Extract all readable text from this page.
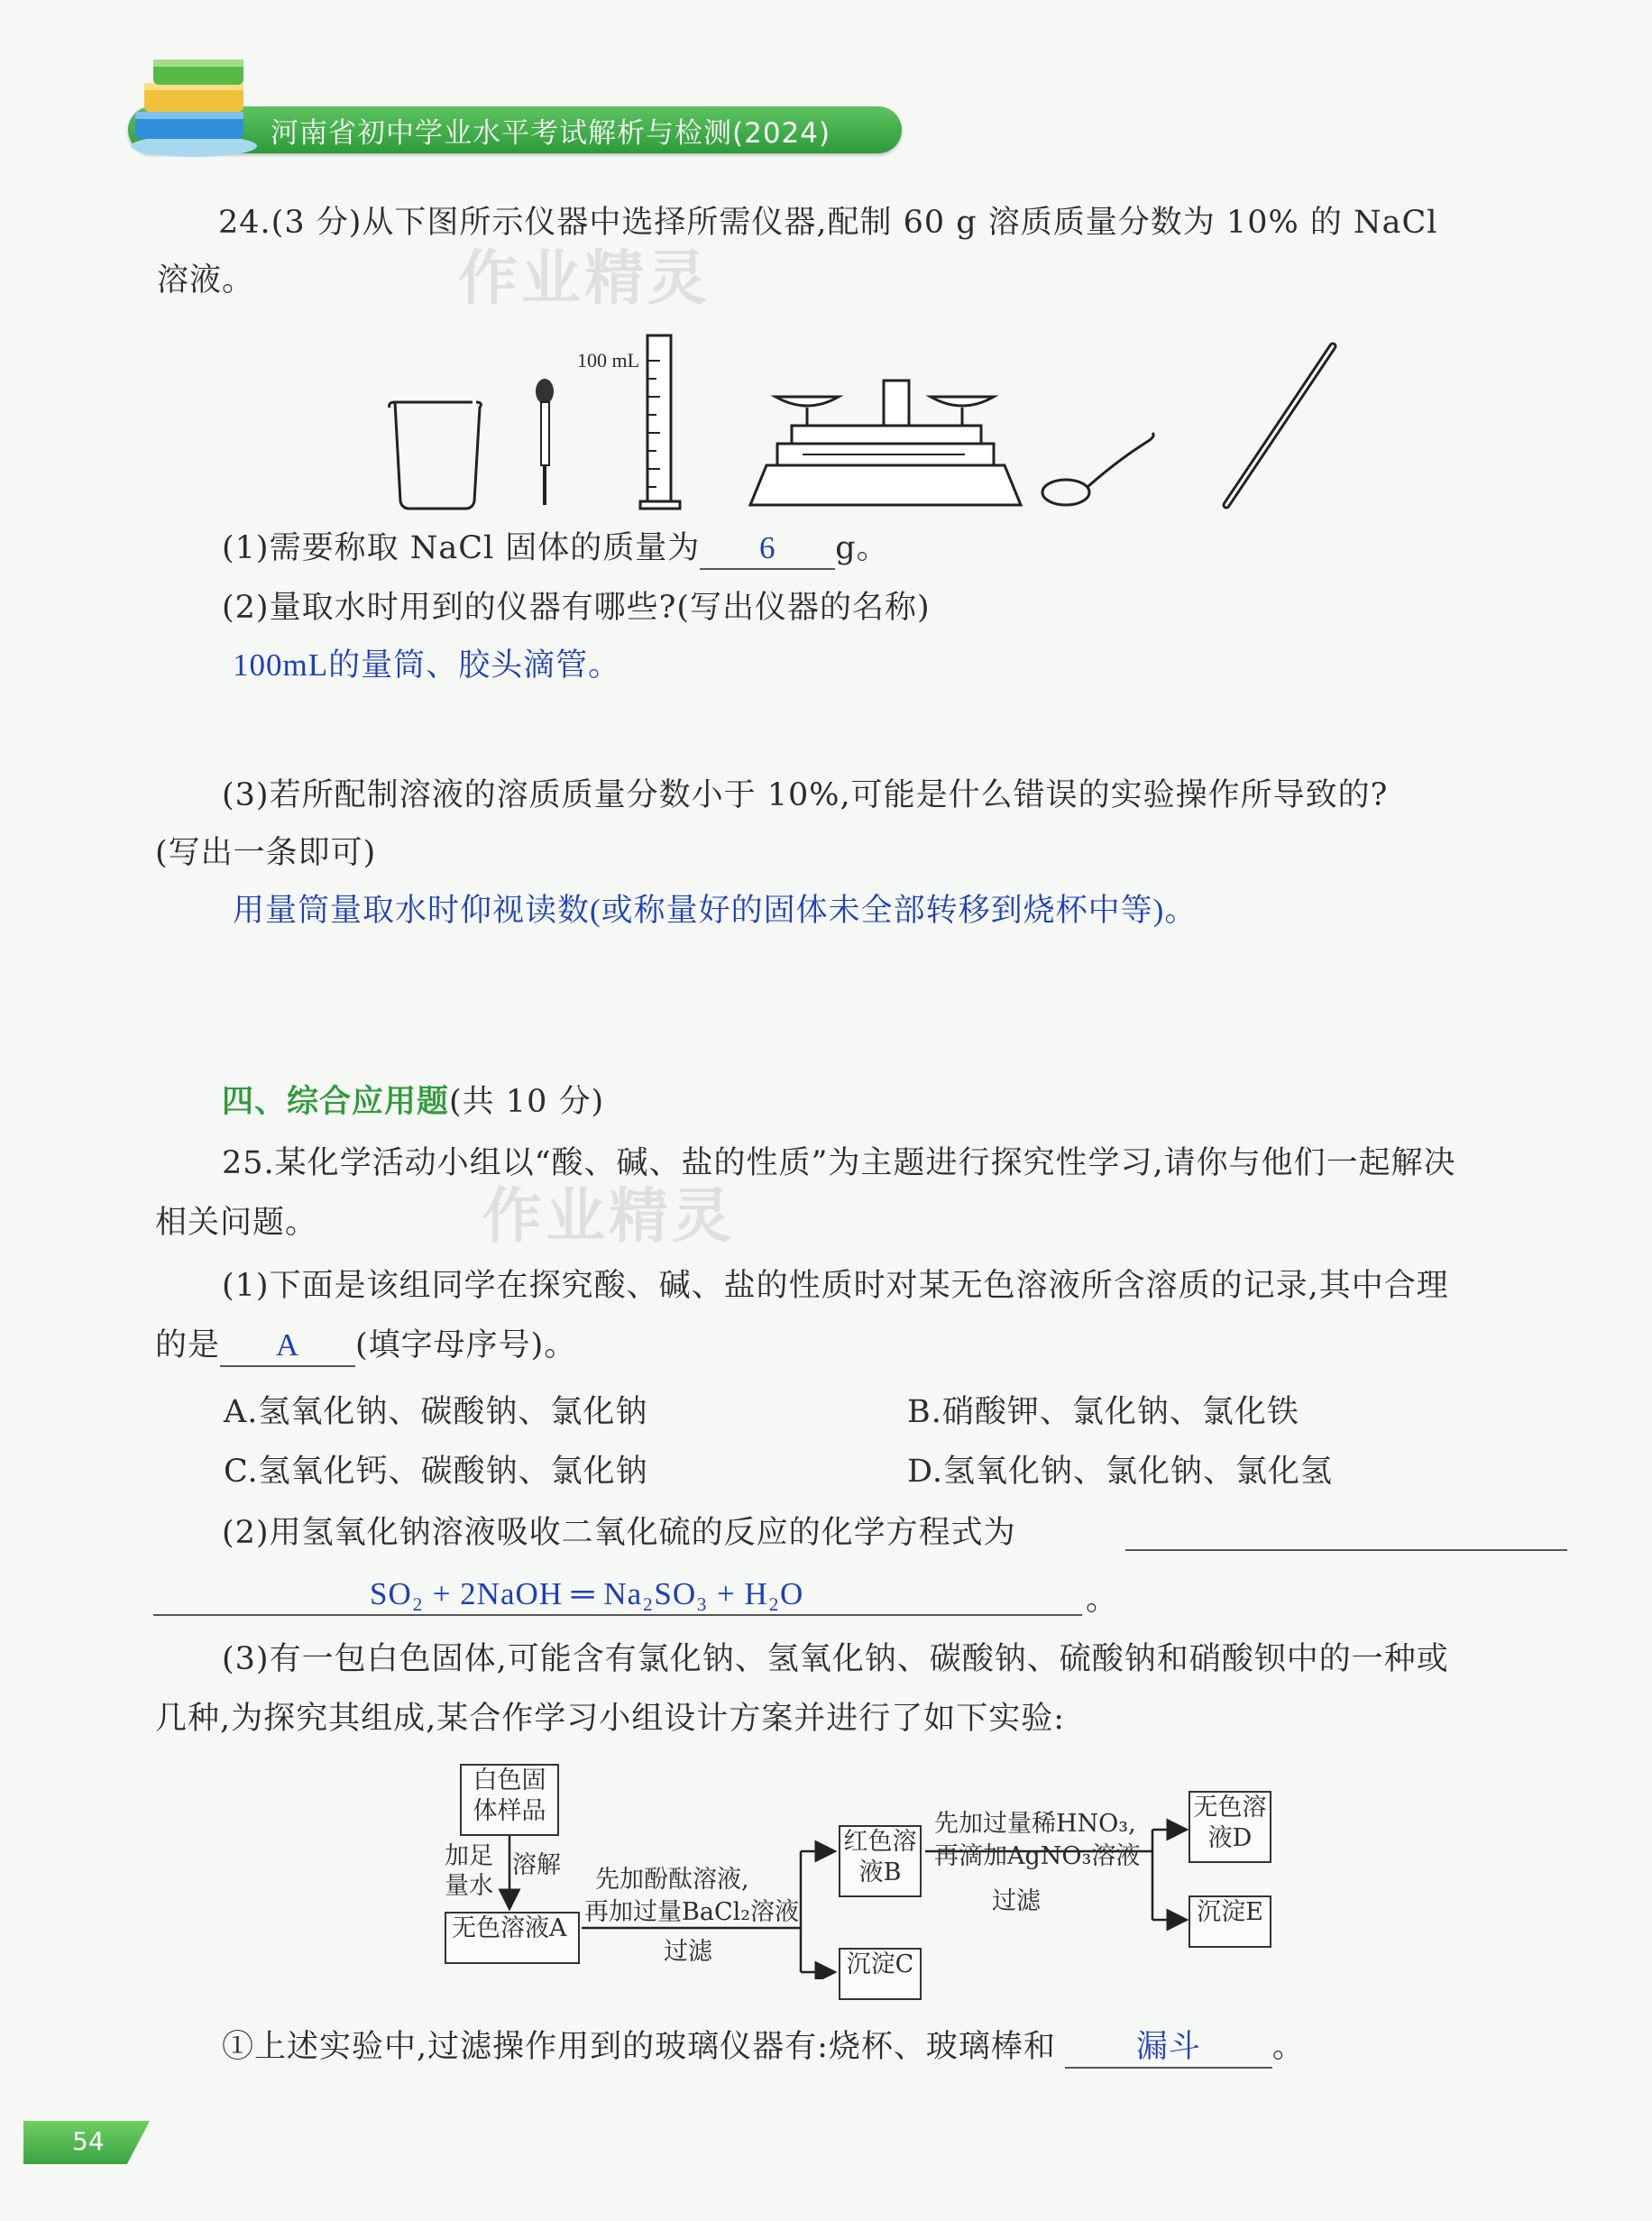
河南省初中学业水平考试解析与检测(2024)
作业精灵
作业精灵
24.(3 分)从下图所示仪器中选择所需仪器,配制 60 g 溶质质量分数为 10% 的 NaCl
溶液。
100 mL
(1)需要称取 NaCl 固体的质量为 6 g。
(2)量取水时用到的仪器有哪些?(写出仪器的名称)
100mL的量筒、胶头滴管。
(3)若所配制溶液的溶质质量分数小于 10%,可能是什么错误的实验操作所导致的?
(写出一条即可)
用量筒量取水时仰视读数(或称量好的固体未全部转移到烧杯中等)。
四、综合应用题(共 10 分)
25.某化学活动小组以“酸、碱、盐的性质”为主题进行探究性学习,请你与他们一起解决
相关问题。
(1)下面是该组同学在探究酸、碱、盐的性质时对某无色溶液所含溶质的记录,其中合理
的是 A (填字母序号)。
A.氢氧化钠、碳酸钠、氯化钠	B.硝酸钾、氯化钠、氯化铁
C.氢氧化钙、碳酸钠、氯化钠	D.氢氧化钠、氯化钠、氯化氢
(2)用氢氧化钠溶液吸收二氧化硫的反应的化学方程式为
SO₂ + 2NaOH ═ Na₂SO₃ + H₂O	。
(3)有一包白色固体,可能含有氯化钠、氢氧化钠、碳酸钠、硫酸钠和硝酸钡中的一种或
几种,为探究其组成,某合作学习小组设计方案并进行了如下实验:
白色固体样品
加足量水
溶解
无色溶液A
先加酚酞溶液,
再加过量BaCl₂溶液
过滤
红色溶液B
沉淀C
先加过量稀HNO₃,
再滴加AgNO₃溶液
过滤
无色溶液D
沉淀E
①上述实验中,过滤操作用到的玻璃仪器有:烧杯、玻璃棒和	漏斗 。
54
